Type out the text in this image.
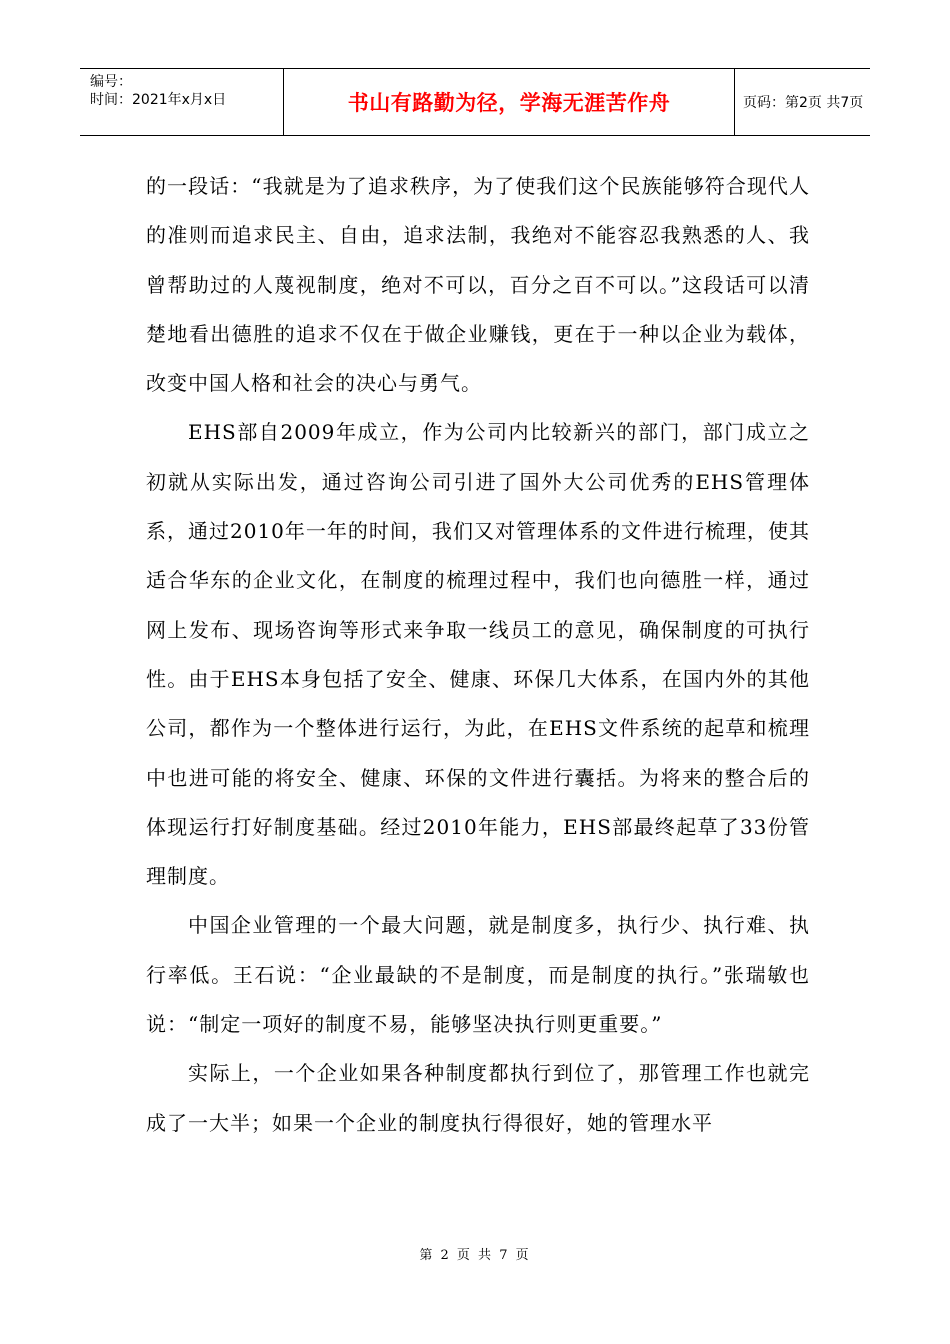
编号：
时间：2021年x月x日	书山有路勤为径，学海无涯苦作舟	页码：第2页 共7页

的一段话：“我就是为了追求秩序，为了使我们这个民族能够符合现代人的准则而追求民主、自由，追求法制，我绝对不能容忍我熟悉的人、我曾帮助过的人蔑视制度，绝对不可以，百分之百不可以。”这段话可以清楚地看出德胜的追求不仅在于做企业赚钱，更在于一种以企业为载体，改变中国人格和社会的决心与勇气。

EHS部自2009年成立，作为公司内比较新兴的部门，部门成立之初就从实际出发，通过咨询公司引进了国外大公司优秀的EHS管理体系，通过2010年一年的时间，我们又对管理体系的文件进行梳理，使其适合华东的企业文化，在制度的梳理过程中，我们也向德胜一样，通过网上发布、现场咨询等形式来争取一线员工的意见，确保制度的可执行性。由于EHS本身包括了安全、健康、环保几大体系，在国内外的其他公司，都作为一个整体进行运行，为此，在EHS文件系统的起草和梳理中也进可能的将安全、健康、环保的文件进行囊括。为将来的整合后的体现运行打好制度基础。经过2010年能力，EHS部最终起草了33份管理制度。

中国企业管理的一个最大问题，就是制度多，执行少、执行难、执行率低。王石说：“企业最缺的不是制度，而是制度的执行。”张瑞敏也说：“制定一项好的制度不易，能够坚决执行则更重要。”

实际上，一个企业如果各种制度都执行到位了，那管理工作也就完成了一大半；如果一个企业的制度执行得很好，她的管理水平

第 2 页 共 7 页
